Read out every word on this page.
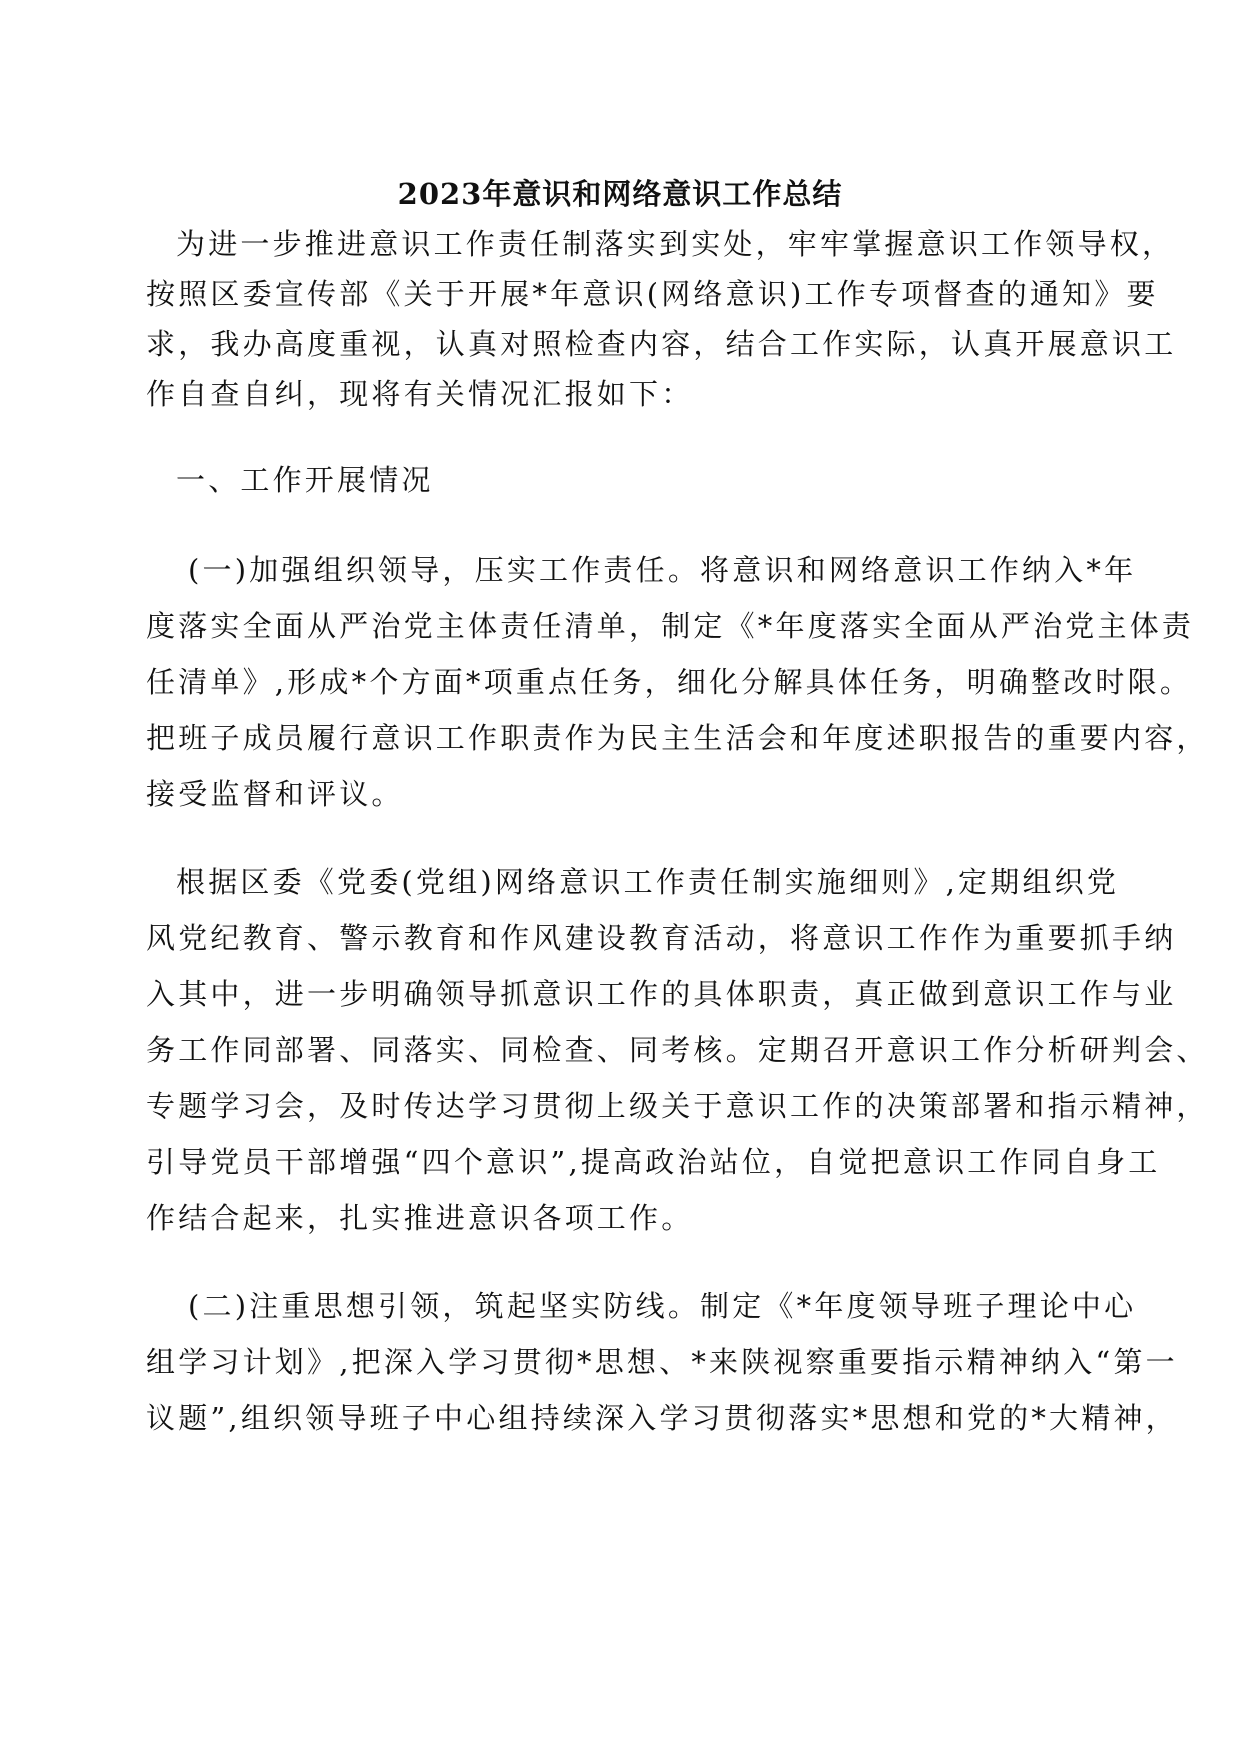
2023年意识和网络意识工作总结
为进一步推进意识工作责任制落实到实处，牢牢掌握意识工作领导权，
按照区委宣传部《关于开展*年意识(网络意识)工作专项督查的通知》要
求，我办高度重视，认真对照检查内容，结合工作实际，认真开展意识工
作自查自纠，现将有关情况汇报如下：
一、工作开展情况
(一)加强组织领导，压实工作责任。将意识和网络意识工作纳入*年
度落实全面从严治党主体责任清单，制定《*年度落实全面从严治党主体责
任清单》,形成*个方面*项重点任务，细化分解具体任务，明确整改时限。
把班子成员履行意识工作职责作为民主生活会和年度述职报告的重要内容，
接受监督和评议。
根据区委《党委(党组)网络意识工作责任制实施细则》,定期组织党
风党纪教育、警示教育和作风建设教育活动，将意识工作作为重要抓手纳
入其中，进一步明确领导抓意识工作的具体职责，真正做到意识工作与业
务工作同部署、同落实、同检查、同考核。定期召开意识工作分析研判会、
专题学习会，及时传达学习贯彻上级关于意识工作的决策部署和指示精神，
引导党员干部增强“四个意识”,提高政治站位，自觉把意识工作同自身工
作结合起来，扎实推进意识各项工作。
(二)注重思想引领，筑起坚实防线。制定《*年度领导班子理论中心
组学习计划》,把深入学习贯彻*思想、*来陕视察重要指示精神纳入“第一
议题”,组织领导班子中心组持续深入学习贯彻落实*思想和党的*大精神，
